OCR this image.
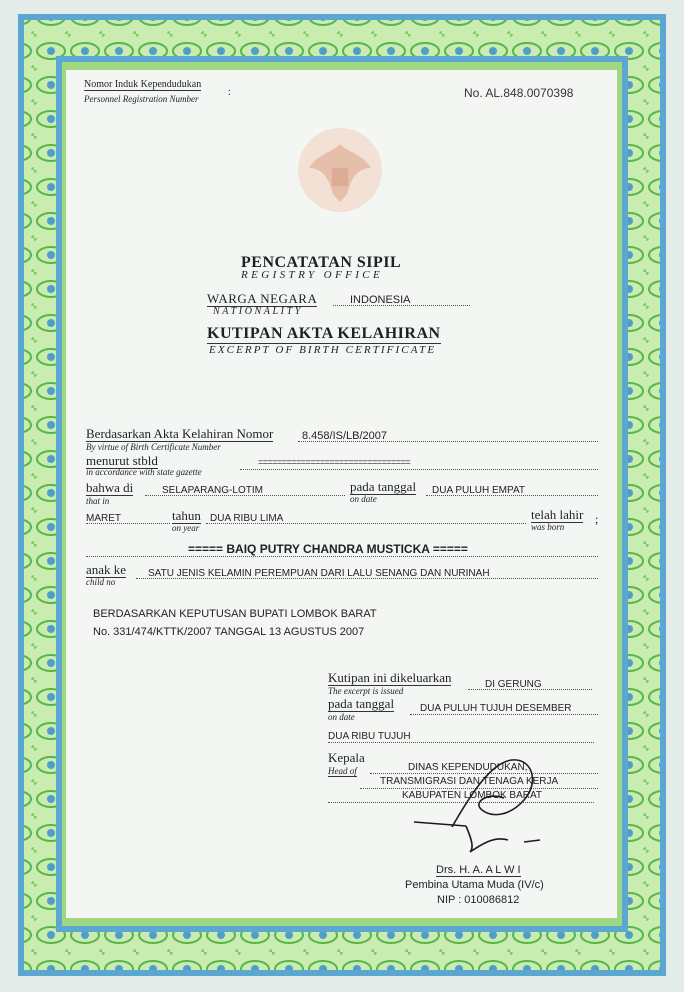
Nomor Induk Kependudukan
Personnel Registration Number
:	No. AL.848.0070398
PENCATATAN SIPIL
REGISTRY OFFICE
WARGA NEGARA
NATIONALITY
INDONESIA
KUTIPAN AKTA KELAHIRAN
EXCERPT OF BIRTH CERTIFICATE
Berdasarkan Akta Kelahiran Nomor
By virtue of Birth Certificate Number
8.458/IS/LB/2007
menurut stbld
in accordance with state gazette
================================
bahwa di
that in
SELAPARANG-LOTIM	pada tanggal
on date
DUA PULUH EMPAT
MARET	tahun
on year
DUA RIBU LIMA	telah lahir
was born
;
===== BAIQ PUTRY CHANDRA MUSTICKA =====
anak ke
child no
SATU JENIS KELAMIN PEREMPUAN DARI LALU SENANG DAN NURINAH
BERDASARKAN KEPUTUSAN BUPATI LOMBOK BARAT
No. 331/474/KTTK/2007 TANGGAL 13 AGUSTUS 2007
Kutipan ini dikeluarkan
The excerpt is issued
DI GERUNG
pada tanggal
on date
DUA PULUH TUJUH DESEMBER
DUA RIBU TUJUH
Kepala
Head of	DINAS KEPENDUDUKAN,
TRANSMIGRASI DAN TENAGA KERJA
KABUPATEN LOMBOK BARAT
Drs. H. A. A L W I
Pembina Utama Muda (IV/c)
NIP : 010086812
